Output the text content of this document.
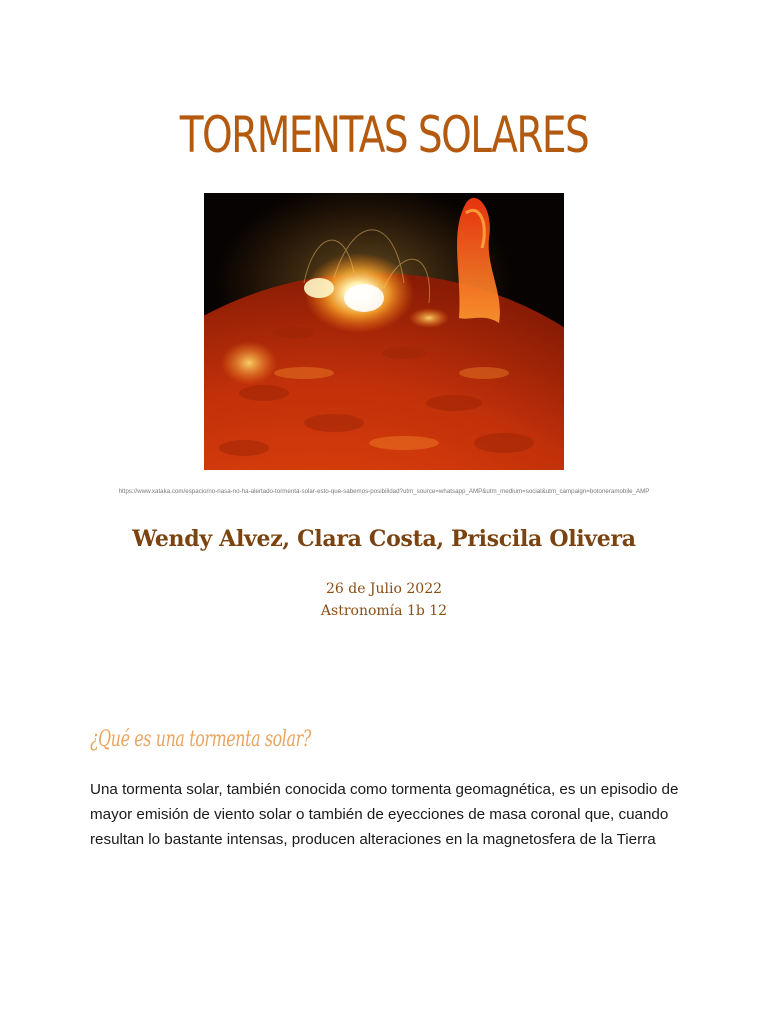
TORMENTAS SOLARES
https://www.xataka.com/espacio/no-nasa-no-ha-alertado-tormenta-solar-esto-que-sabemos-posibilidad?utm_source=whatsapp_AMP&utm_medium=social&utm_campaign=botoneramobile_AMP
Wendy Alvez, Clara Costa, Priscila Olivera
26 de Julio 2022
Astronomía 1b 12
¿Qué es una tormenta solar?
Una tormenta solar, también conocida como tormenta geomagnética, es un episodio de
mayor emisión de viento solar o también de eyecciones de masa coronal que, cuando
resultan lo bastante intensas, producen alteraciones en la magnetosfera de la Tierra
